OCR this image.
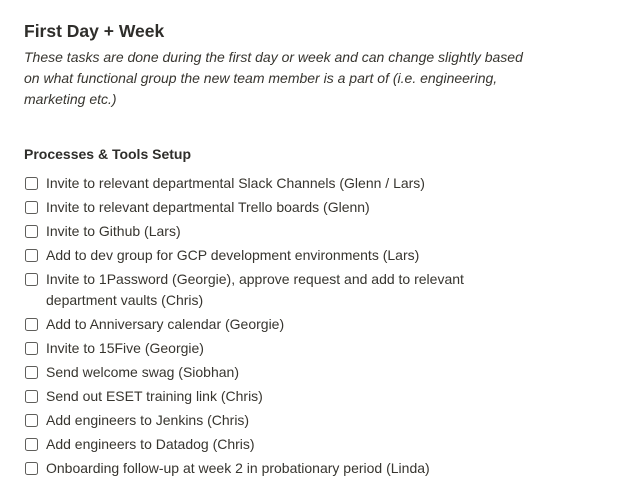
First Day + Week

These tasks are done during the first day or week and can change slightly based on what functional group the new team member is a part of (i.e. engineering, marketing etc.)

Processes & Tools Setup
Invite to relevant departmental Slack Channels (Glenn / Lars)
Invite to relevant departmental Trello boards (Glenn)
Invite to Github (Lars)
Add to dev group for GCP development environments (Lars)
Invite to 1Password (Georgie), approve request and add to relevant department vaults (Chris)
Add to Anniversary calendar (Georgie)
Invite to 15Five (Georgie)
Send welcome swag (Siobhan)
Send out ESET training link (Chris)
Add engineers to Jenkins (Chris)
Add engineers to Datadog (Chris)
Onboarding follow-up at week 2 in probationary period (Linda)
